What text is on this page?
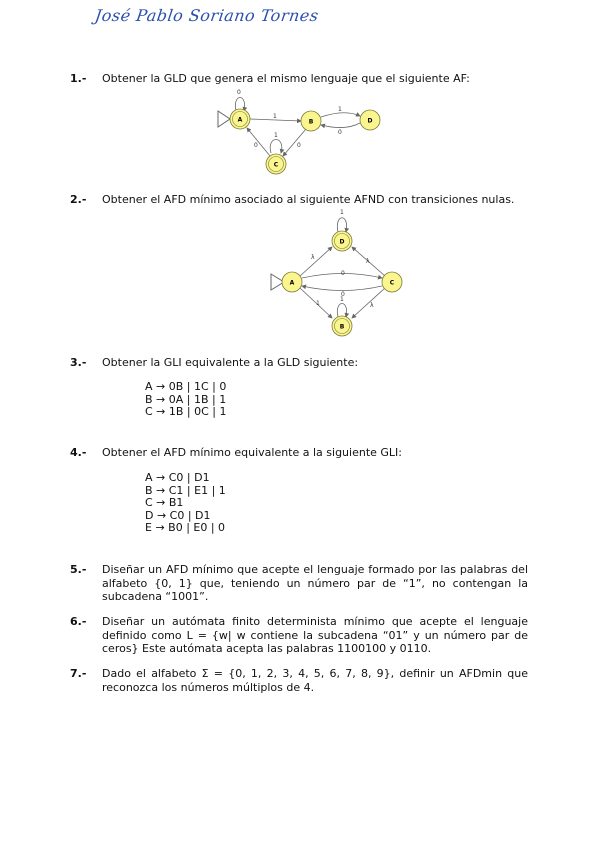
José Pablo Soriano Tornes
1.- Obtener la GLD que genera el mismo lenguaje que el siguiente AF:
0
1
1
0
0
0
1
A	B	D
C
2.- Obtener el AFD mínimo asociado al siguiente AFND con transiciones nulas.
1
λ
λ
0
0
1	λ
1
D
A	C
B
3.- Obtener la GLI equivalente a la GLD siguiente:
A → 0B | 1C | 0
B → 0A | 1B | 1
C → 1B | 0C | 1
4.- Obtener el AFD mínimo equivalente a la siguiente GLI:
A → C0 | D1
B → C1 | E1 | 1
C → B1
D → C0 | D1
E → B0 | E0 | 0
5.- Diseñar un AFD mínimo que acepte el lenguaje formado por las palabras del alfabeto {0, 1} que, teniendo un número par de “1”, no contengan la subcadena “1001”.
6.- Diseñar un autómata finito determinista mínimo que acepte el lenguaje definido como L = {w| w contiene la subcadena “01” y un número par de ceros} Este autómata acepta las palabras 1100100 y 0110.
7.- Dado el alfabeto Σ = {0, 1, 2, 3, 4, 5, 6, 7, 8, 9}, definir un AFDmin que reconozca los números múltiplos de 4.
